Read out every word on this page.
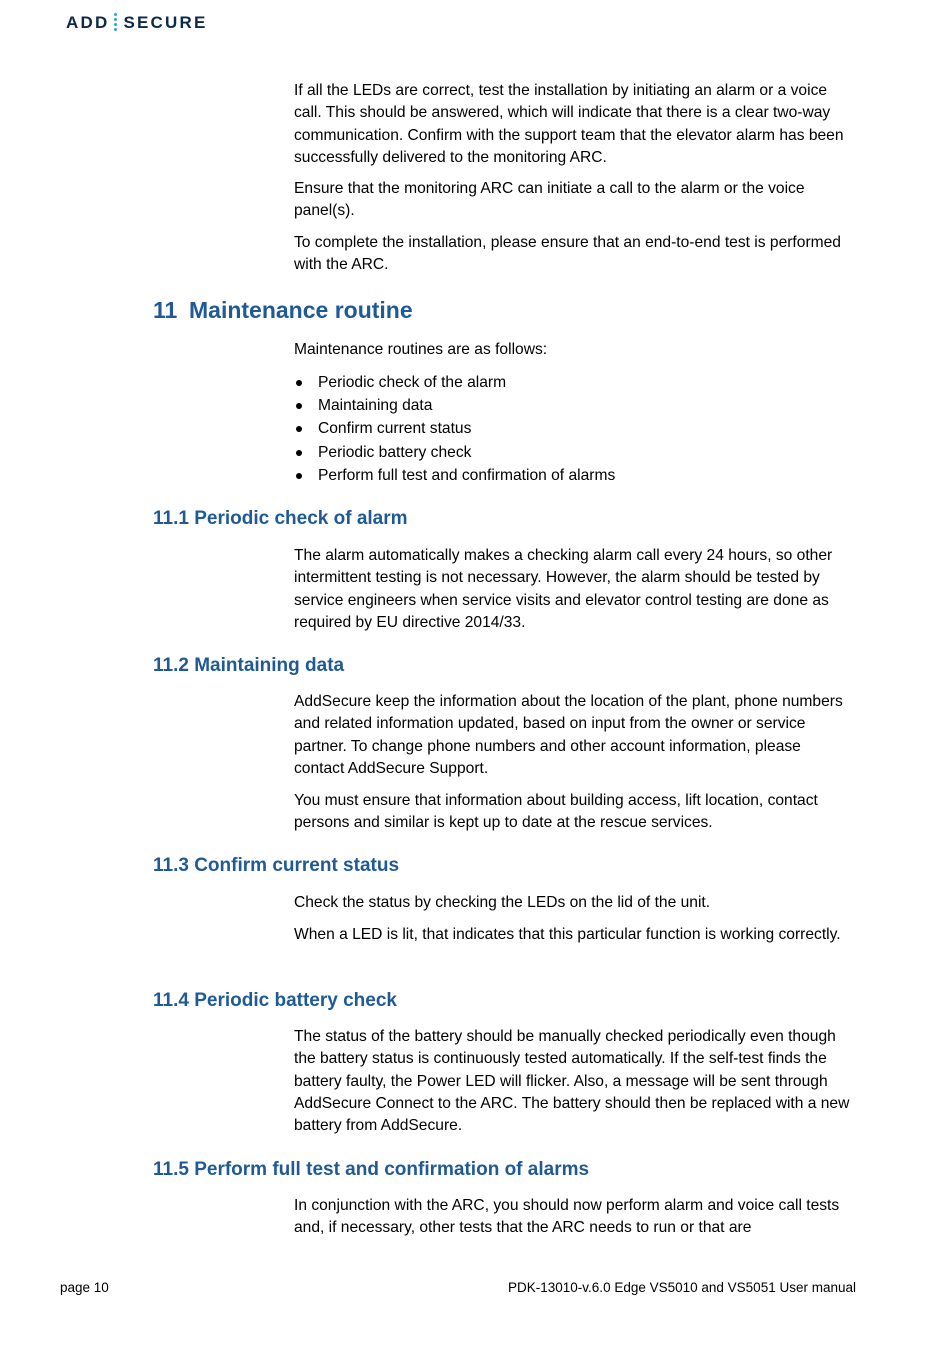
ADD SECURE

If all the LEDs are correct, test the installation by initiating an alarm or a voice call. This should be answered, which will indicate that there is a clear two-way communication. Confirm with the support team that the elevator alarm has been successfully delivered to the monitoring ARC.

Ensure that the monitoring ARC can initiate a call to the alarm or the voice panel(s).

To complete the installation, please ensure that an end-to-end test is performed with the ARC.

11 Maintenance routine

Maintenance routines are as follows:

Periodic check of the alarm
Maintaining data
Confirm current status
Periodic battery check
Perform full test and confirmation of alarms
11.1 Periodic check of alarm

The alarm automatically makes a checking alarm call every 24 hours, so other intermittent testing is not necessary. However, the alarm should be tested by service engineers when service visits and elevator control testing are done as required by EU directive 2014/33.

11.2 Maintaining data

AddSecure keep the information about the location of the plant, phone numbers and related information updated, based on input from the owner or service partner. To change phone numbers and other account information, please contact AddSecure Support.

You must ensure that information about building access, lift location, contact persons and similar is kept up to date at the rescue services.

11.3 Confirm current status

Check the status by checking the LEDs on the lid of the unit.

When a LED is lit, that indicates that this particular function is working correctly.

11.4 Periodic battery check

The status of the battery should be manually checked periodically even though the battery status is continuously tested automatically. If the self-test finds the battery faulty, the Power LED will flicker. Also, a message will be sent through AddSecure Connect to the ARC. The battery should then be replaced with a new battery from AddSecure.

11.5 Perform full test and confirmation of alarms

In conjunction with the ARC, you should now perform alarm and voice call tests and, if necessary, other tests that the ARC needs to run or that are

page 10	PDK-13010-v.6.0 Edge VS5010 and VS5051 User manual
